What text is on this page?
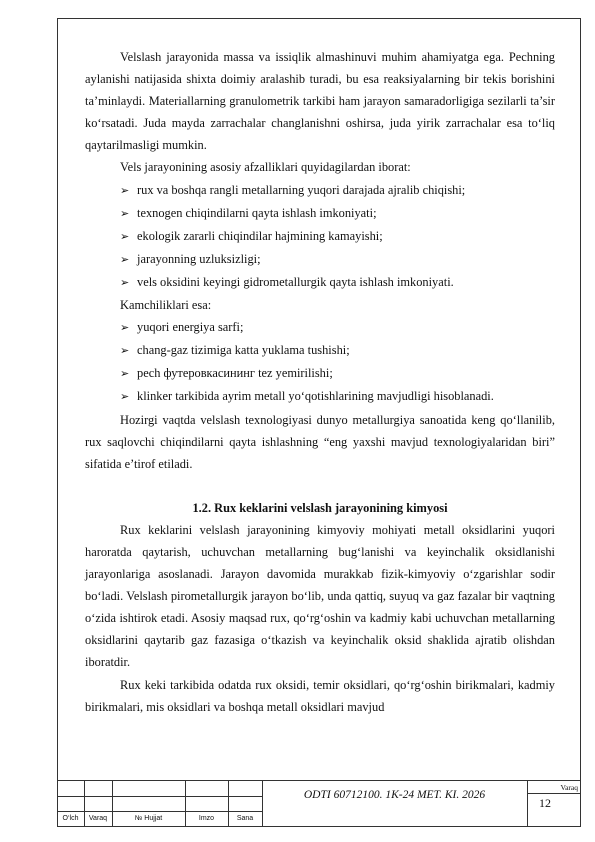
Velslash jarayonida massa va issiqlik almashinuvi muhim ahamiyatga ega. Pechning aylanishi natijasida shixta doimiy aralashib turadi, bu esa reaksiyalarning bir tekis borishini ta’minlaydi. Materiallarning granulometrik tarkibi ham jarayon samaradorligiga sezilarli ta’sir ko‘rsatadi. Juda mayda zarrachalar changlanishni oshirsa, juda yirik zarrachalar esa to‘liq qaytarilmasligi mumkin.

Vels jarayonining asosiy afzalliklari quyidagilardan iborat:

➢ rux va boshqa rangli metallarning yuqori darajada ajralib chiqishi;
➢ texnogen chiqindilarni qayta ishlash imkoniyati;
➢ ekologik zararli chiqindilar hajmining kamayishi;
➢ jarayonning uzluksizligi;
➢ vels oksidini keyingi gidrometallurgik qayta ishlash imkoniyati.

Kamchiliklari esa:

➢ yuqori energiya sarfi;
➢ chang-gaz tizimiga katta yuklama tushishi;
➢ pech футеровкасининг tez yemirilishi;
➢ klinker tarkibida ayrim metall yo‘qotishlarining mavjudligi hisoblanadi.

Hozirgi vaqtda velslash texnologiyasi dunyo metallurgiya sanoatida keng qo‘llanilib, rux saqlovchi chiqindilarni qayta ishlashning “eng yaxshi mavjud texnologiyalaridan biri” sifatida e’tirof etiladi.

1.2. Rux keklarini velslash jarayonining kimyosi

Rux keklarini velslash jarayonining kimyoviy mohiyati metall oksidlarini yuqori haroratda qaytarish, uchuvchan metallarning bug‘lanishi va keyinchalik oksidlanishi jarayonlariga asoslanadi. Jarayon davomida murakkab fizik-kimyoviy o‘zgarishlar sodir bo‘ladi. Velslash pirometallurgik jarayon bo‘lib, unda qattiq, suyuq va gaz fazalar bir vaqtning o‘zida ishtirok etadi. Asosiy maqsad rux, qo‘rg‘oshin va kadmiy kabi uchuvchan metallarning oksidlarini qaytarib gaz fazasiga o‘tkazish va keyinchalik oksid shaklida ajratib olishdan iboratdir.

Rux keki tarkibida odatda rux oksidi, temir oksidlari, qo‘rg‘oshin birikmalari, kadmiy birikmalari, mis oksidlari va boshqa metall oksidlari mavjud

O‘lch	Varaq	№ Hujjat	Imzo	Sana
ODTI 60712100. 1K-24 MET. KI. 2026
Varaq
12
